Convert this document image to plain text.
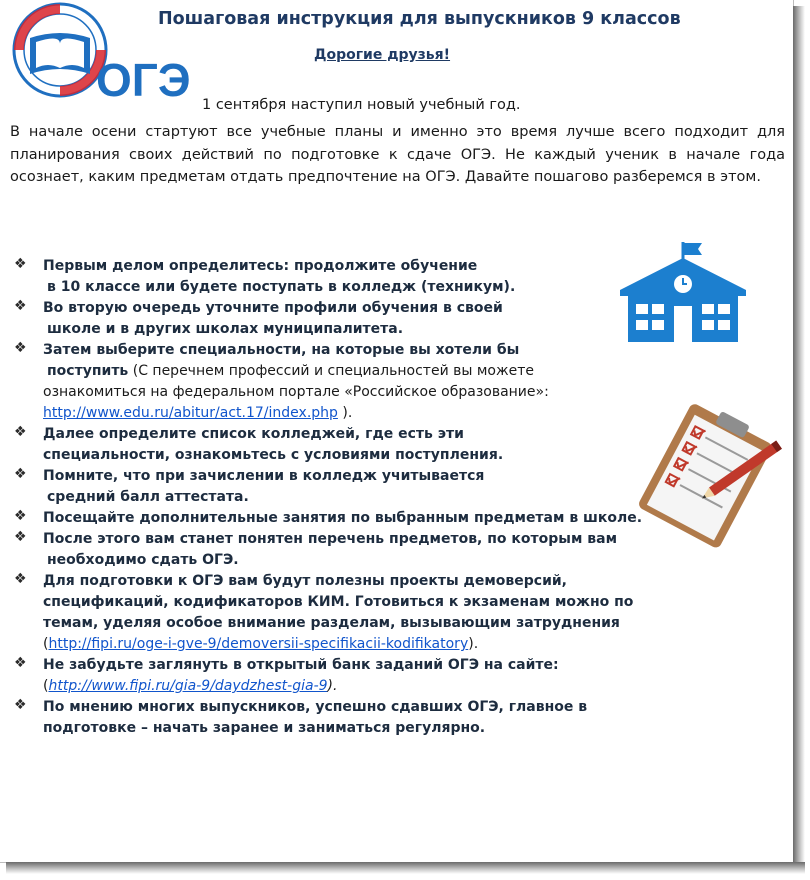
ОГЭ
Пошаговая инструкция для выпускников 9 классов
Дорогие друзья!
1 сентября наступил новый учебный год.
В начале осени стартуют все учебные планы и именно это время лучше всего подходит для планирования своих действий по подготовке к сдаче ОГЭ. Не каждый ученик в начале года осознает, каким предметам отдать предпочтение на ОГЭ. Давайте пошагово разберемся в этом.
❖ Первым делом определитесь: продолжите обучение
в 10 классе или будете поступать в колледж (техникум).
❖ Во вторую очередь уточните профили обучения в своей
школе и в других школах муниципалитета.
❖ Затем выберите специальности, на которые вы хотели бы
поступить (С перечнем профессий и специальностей вы можете
ознакомиться на федеральном портале «Российское образование»:
http://www.edu.ru/abitur/act.17/index.php ).
❖ Далее определите список колледжей, где есть эти
специальности, ознакомьтесь с условиями поступления.
❖ Помните, что при зачислении в колледж учитывается
средний балл аттестата.
❖ Посещайте дополнительные занятия по выбранным предметам в школе.
❖ После этого вам станет понятен перечень предметов, по которым вам
необходимо сдать ОГЭ.
❖ Для подготовки к ОГЭ вам будут полезны проекты демоверсий,
спецификаций, кодификаторов КИМ. Готовиться к экзаменам можно по
темам, уделяя особое внимание разделам, вызывающим затруднения
(http://fipi.ru/oge-i-gve-9/demoversii-specifikacii-kodifikatory).
❖ Не забудьте заглянуть в открытый банк заданий ОГЭ на сайте:
(http://www.fipi.ru/gia-9/daydzhest-gia-9).
❖ По мнению многих выпускников, успешно сдавших ОГЭ, главное в
подготовке – начать заранее и заниматься регулярно.
